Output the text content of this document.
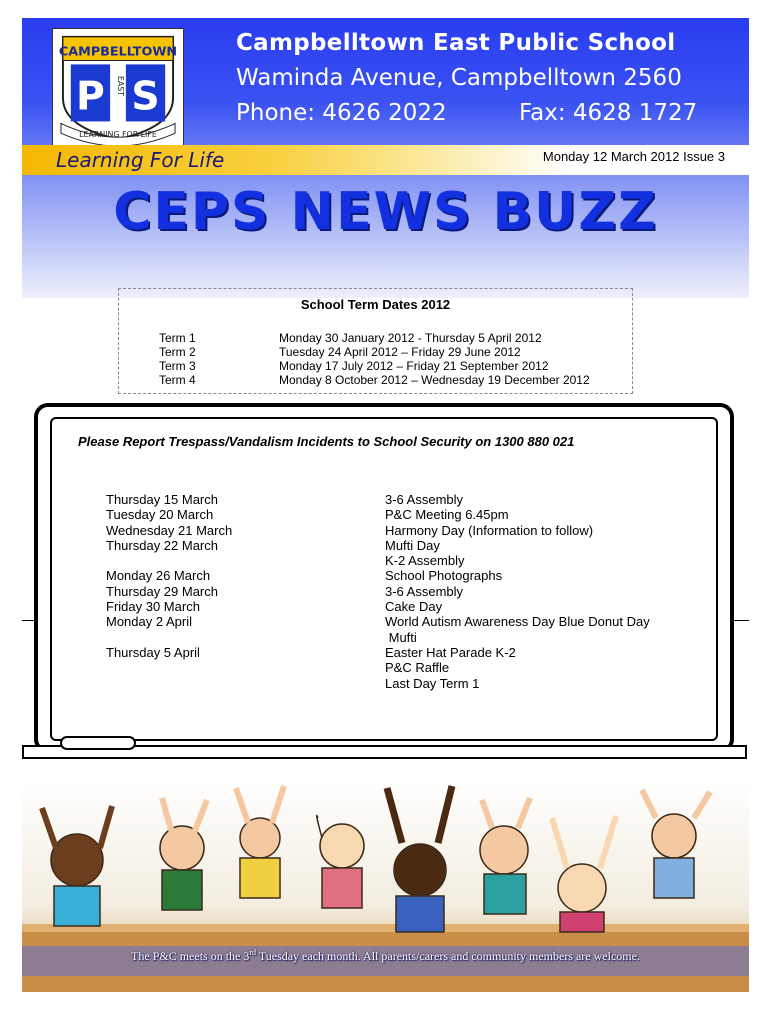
CAMPBELLTOWN
P S
EAST
LEARNING FOR LIFE
Campbelltown East Public School
Waminda Avenue, Campbelltown 2560
Phone: 4626 2022	Fax: 4628 1727
Learning For Life	Monday 12 March 2012 Issue 3
CEPS NEWS BUZZ
School Term Dates 2012
Term 1
Term 2
Term 3
Term 4
Monday 30 January 2012 - Thursday 5 April 2012
Tuesday 24 April 2012 – Friday 29 June 2012
Monday 17 July 2012 – Friday 21 September 2012
Monday 8 October 2012 – Wednesday 19 December 2012
Please Report Trespass/Vandalism Incidents to School Security on 1300 880 021
Thursday 15 March
Tuesday 20 March
Wednesday 21 March
Thursday 22 March
Monday 26 March
Thursday 29 March
Friday 30 March
Monday 2 April
Thursday 5 April
3-6 Assembly
P&C Meeting 6.45pm
Harmony Day (Information to follow)
Mufti Day
K-2 Assembly
School Photographs
3-6 Assembly
Cake Day
World Autism Awareness Day Blue Donut Day
Mufti
Easter Hat Parade K-2
P&C Raffle
Last Day Term 1
The P&C meets on the 3rd Tuesday each month. All parents/carers and community members are welcome.
